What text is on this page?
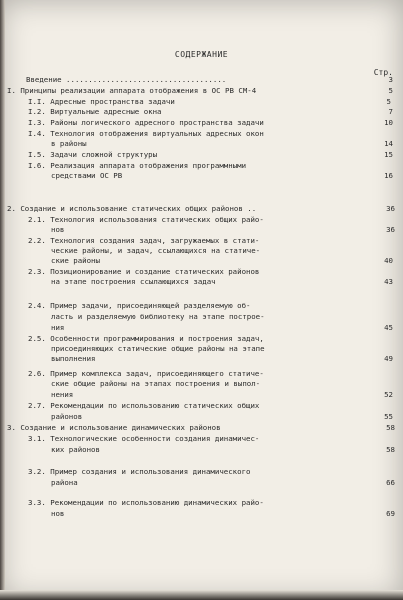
СОДЕРЖАНИЕ
Стр.
Введение ....................................	3
I. Принципы реализации аппарата отображения в ОС РВ СМ-4	5
I.I. Адресные пространства задачи	5
I.2. Виртуальные адресные окна	7
I.3. Районы логического адресного пространства задачи	10
I.4. Технология отображения виртуальных адресных окон
в районы	14
I.5. Задачи сложной структуры	15
I.6. Реализация аппарата отображения программными
средствами ОС РВ	16
2. Создание и использование статических общих районов ..	36
2.1. Технология использования статических общих райо-
нов	36
2.2. Технология создания задач, загружаемых в стати-
ческие районы, и задач, ссылающихся на статиче-
ские районы	40
2.3. Позиционирование и создание статических районов
на этапе построения ссылающихся задач	43
2.4. Пример задачи, присоединяющей разделяемую об-
ласть и разделяемую библиотеку на этапе построе-
ния	45
2.5. Особенности программирования и построения задач,
присоединяющих статические общие районы на этапе
выполнения	49
2.6. Пример комплекса задач, присоединяющего статиче-
ские общие районы на этапах построения и выпол-
нения	52
2.7. Рекомендации по использованию статических общих
районов	55
3. Создание и использование динамических районов	58
3.1. Технологические особенности создания динамичес-
ких районов	58
3.2. Пример создания и использования динамического
района	66
3.3. Рекомендации по использованию динамических райо-
нов	69
